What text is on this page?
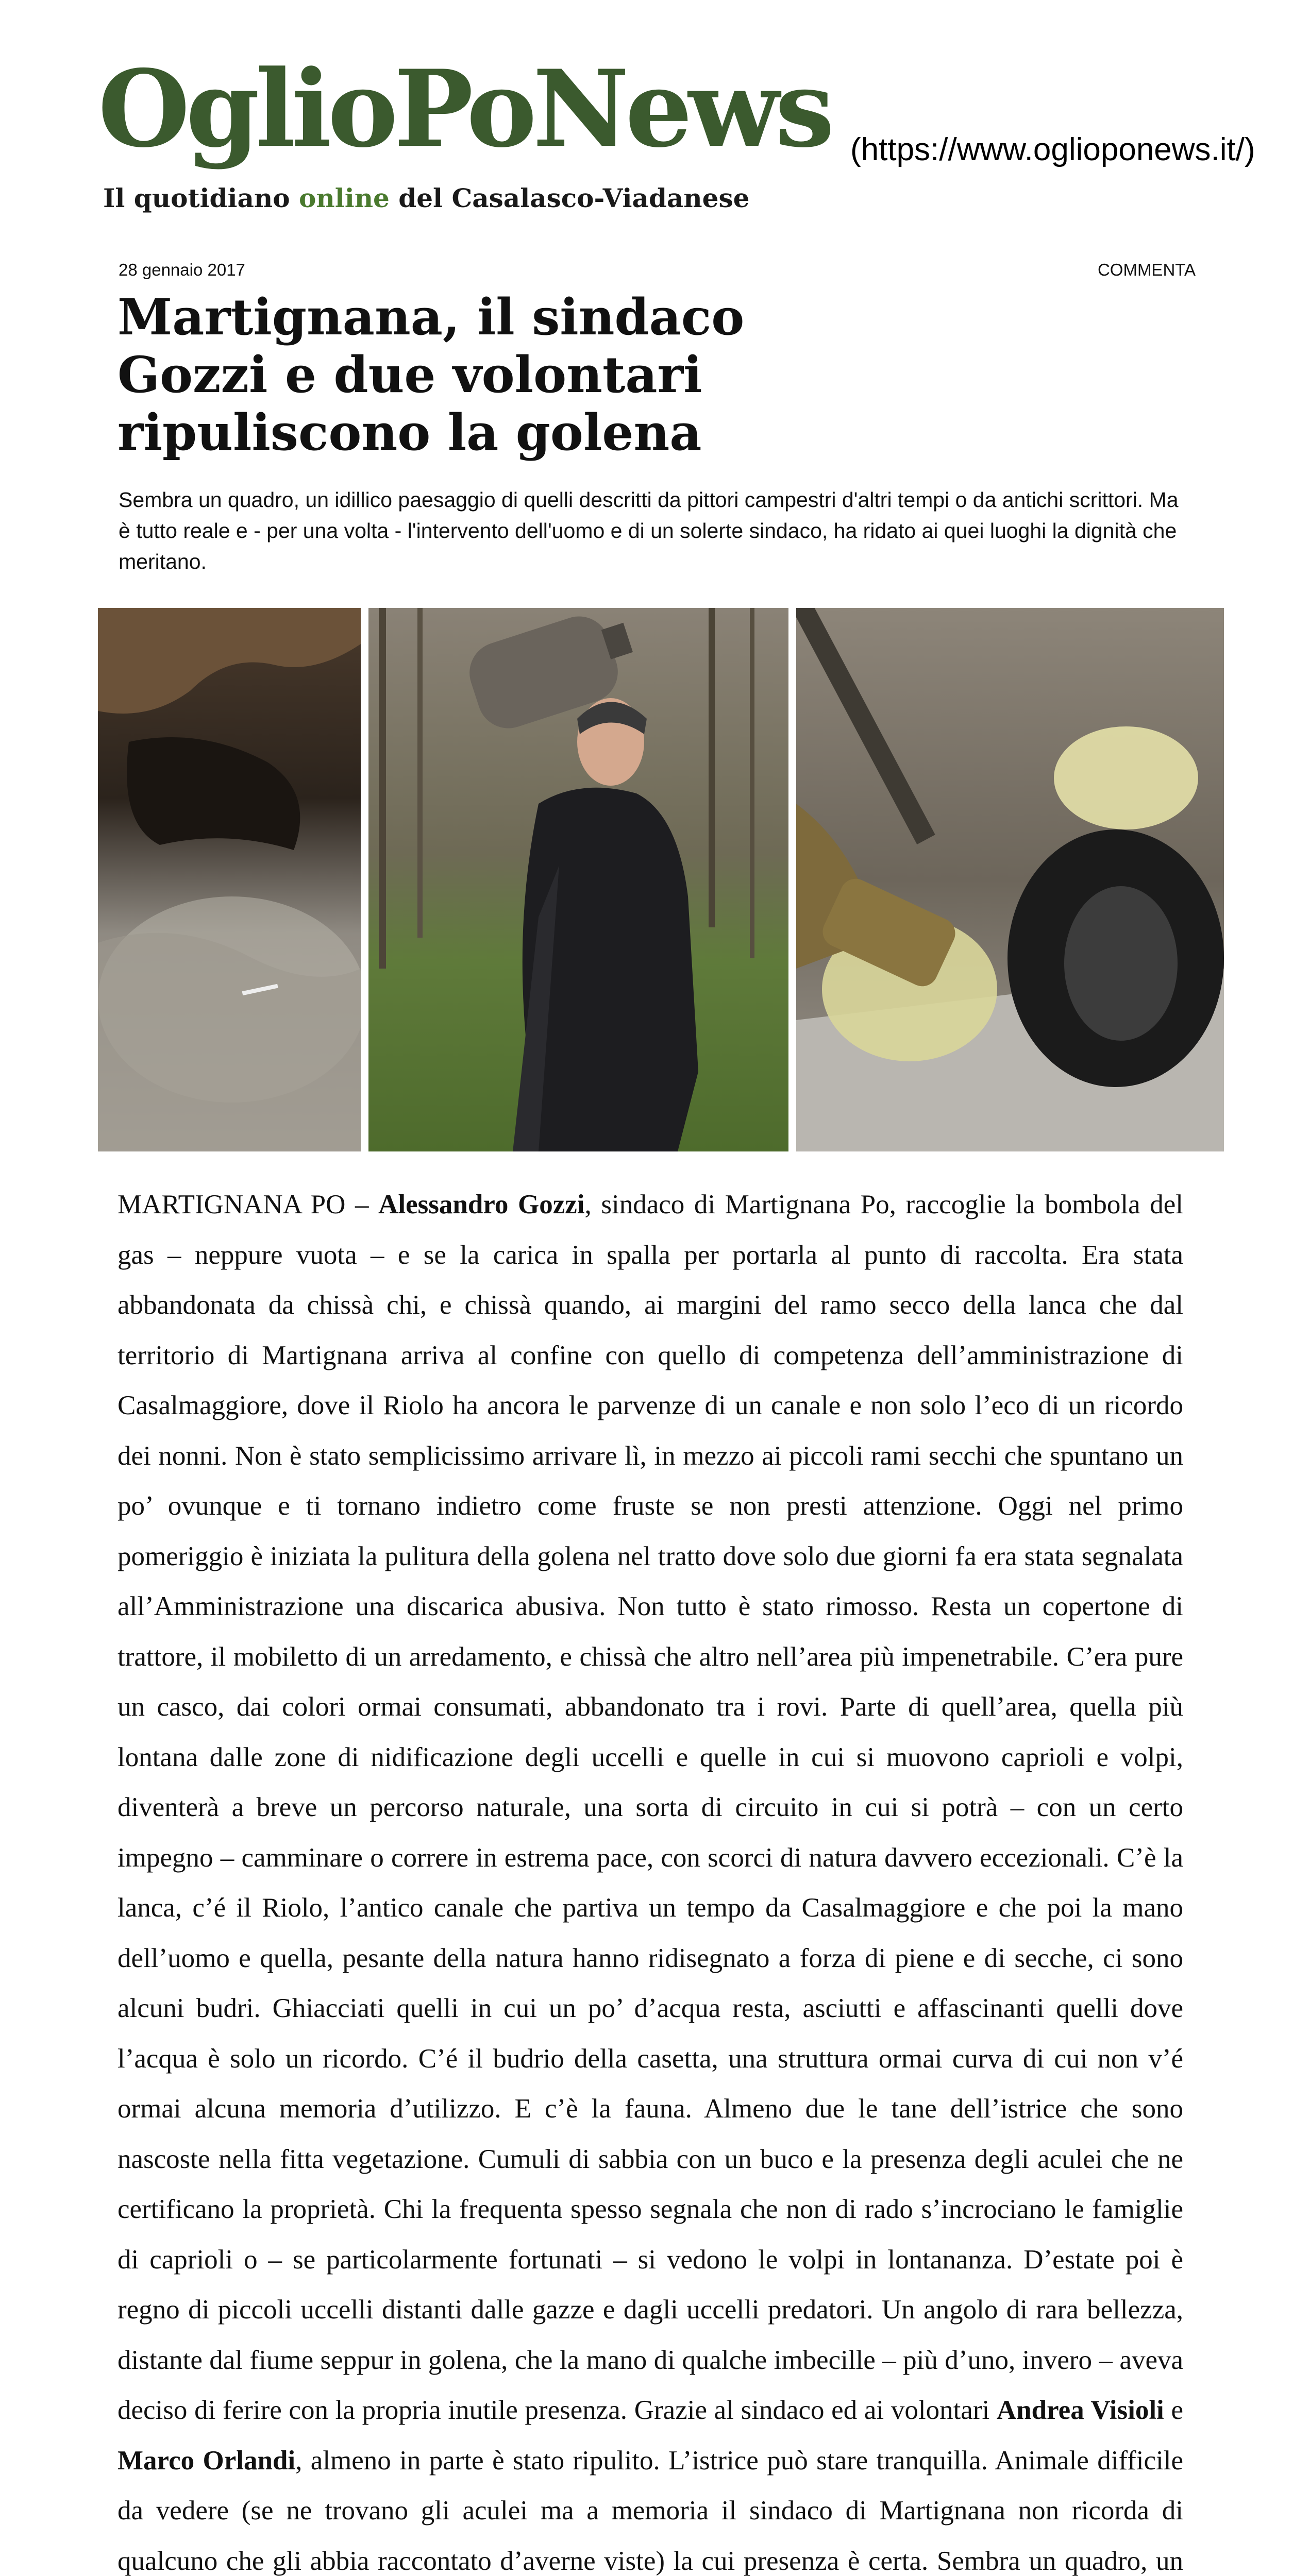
OglioPoNews
Il quotidiano online del Casalasco-Viadanese
(https://www.oglioponews.it/)
28 gennaio 2017	COMMENTA
Martignana, il sindaco Gozzi e due volontari ripuliscono la golena
Sembra un quadro, un idillico paesaggio di quelli descritti da pittori campestri d'altri tempi o da antichi scrittori. Ma è tutto reale e - per una volta - l'intervento dell'uomo e di un solerte sindaco, ha ridato ai quei luoghi la dignità che meritano.
MARTIGNANA PO – Alessandro Gozzi, sindaco di Martignana Po, raccoglie la bombola del gas – neppure vuota – e se la carica in spalla per portarla al punto di raccolta. Era stata abbandonata da chissà chi, e chissà quando, ai margini del ramo secco della lanca che dal territorio di Martignana arriva al confine con quello di competenza dell’amministrazione di Casalmaggiore, dove il Riolo ha ancora le parvenze di un canale e non solo l’eco di un ricordo dei nonni. Non è stato semplicissimo arrivare lì, in mezzo ai piccoli rami secchi che spuntano un po’ ovunque e ti tornano indietro come fruste se non presti attenzione. Oggi nel primo pomeriggio è iniziata la pulitura della golena nel tratto dove solo due giorni fa era stata segnalata all’Amministrazione una discarica abusiva. Non tutto è stato rimosso. Resta un copertone di trattore, il mobiletto di un arredamento, e chissà che altro nell’area più impenetrabile. C’era pure un casco, dai colori ormai consumati, abbandonato tra i rovi. Parte di quell’area, quella più lontana dalle zone di nidificazione degli uccelli e quelle in cui si muovono caprioli e volpi, diventerà a breve un percorso naturale, una sorta di circuito in cui si potrà – con un certo impegno – camminare o correre in estrema pace, con scorci di natura davvero eccezionali. C’è la lanca, c’é il Riolo, l’antico canale che partiva un tempo da Casalmaggiore e che poi la mano dell’uomo e quella, pesante della natura hanno ridisegnato a forza di piene e di secche, ci sono alcuni budri. Ghiacciati quelli in cui un po’ d’acqua resta, asciutti e affascinanti quelli dove l’acqua è solo un ricordo. C’é il budrio della casetta, una struttura ormai curva di cui non v’é ormai alcuna memoria d’utilizzo. E c’è la fauna. Almeno due le tane dell’istrice che sono nascoste nella fitta vegetazione. Cumuli di sabbia con un buco e la presenza degli aculei che ne certificano la proprietà. Chi la frequenta spesso segnala che non di rado s’incrociano le famiglie di caprioli o – se particolarmente fortunati – si vedono le volpi in lontananza. D’estate poi è regno di piccoli uccelli distanti dalle gazze e dagli uccelli predatori. Un angolo di rara bellezza, distante dal fiume seppur in golena, che la mano di qualche imbecille – più d’uno, invero – aveva deciso di ferire con la propria inutile presenza. Grazie al sindaco ed ai volontari Andrea Visioli e Marco Orlandi, almeno in parte è stato ripulito. L’istrice può stare tranquilla. Animale difficile da vedere (se ne trovano gli aculei ma a memoria il sindaco di Martignana non ricorda di qualcuno che gli abbia raccontato d’averne viste) la cui presenza è certa. Sembra un quadro, un
